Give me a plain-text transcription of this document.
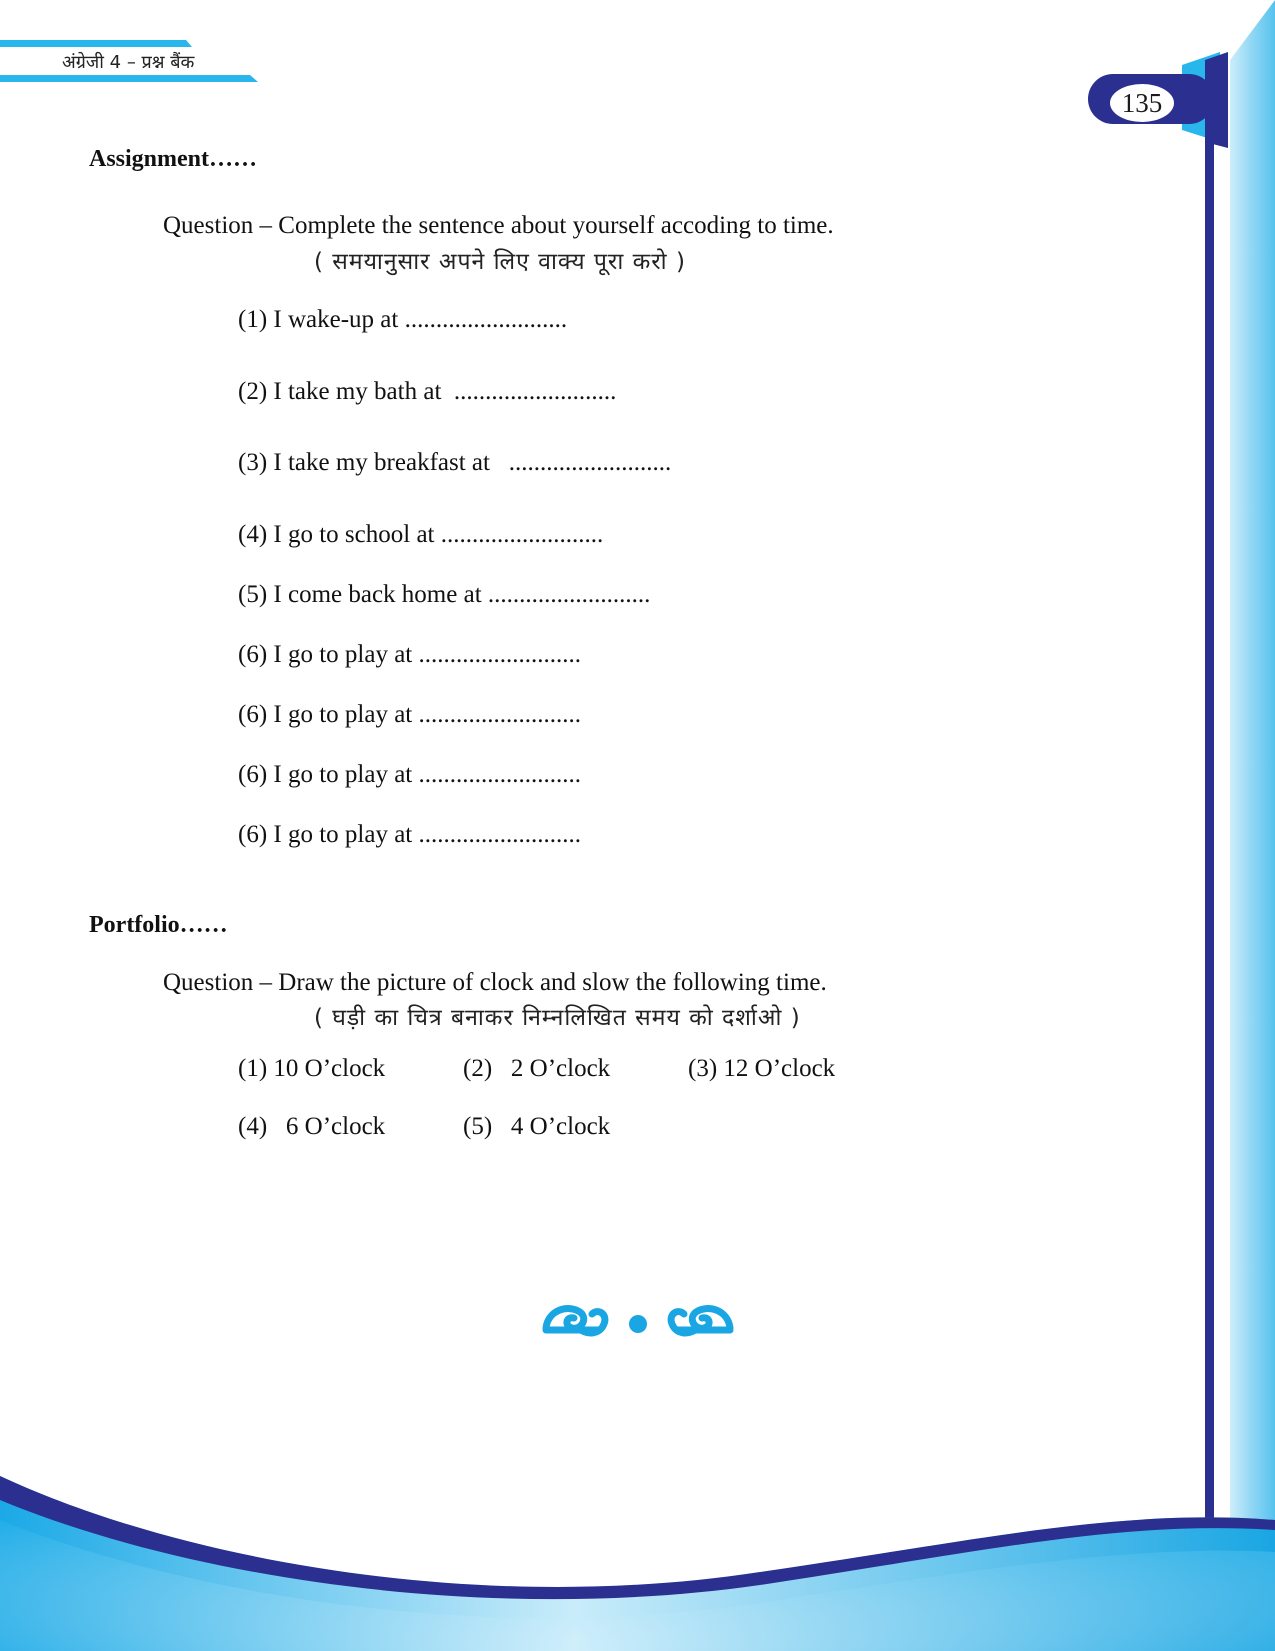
अंग्रेजी 4 – प्रश्न बैंक
135
Assignment……
Question – Complete the sentence about yourself accoding to time.
( समयानुसार अपने लिए वाक्य पूरा करो )
(1) I wake-up at ..........................
(2) I take my bath at  ..........................
(3) I take my breakfast at   ..........................
(4) I go to school at ..........................
(5) I come back home at ..........................
(6) I go to play at ..........................
(6) I go to play at ..........................
(6) I go to play at ..........................
(6) I go to play at ..........................
Portfolio……
Question – Draw the picture of clock and slow the following time.
( घड़ी का चित्र बनाकर निम्नलिखित समय को दर्शाओ )
(1) 10 O’clock	(2)   2 O’clock	(3) 12 O’clock
(4)   6 O’clock	(5)   4 O’clock
